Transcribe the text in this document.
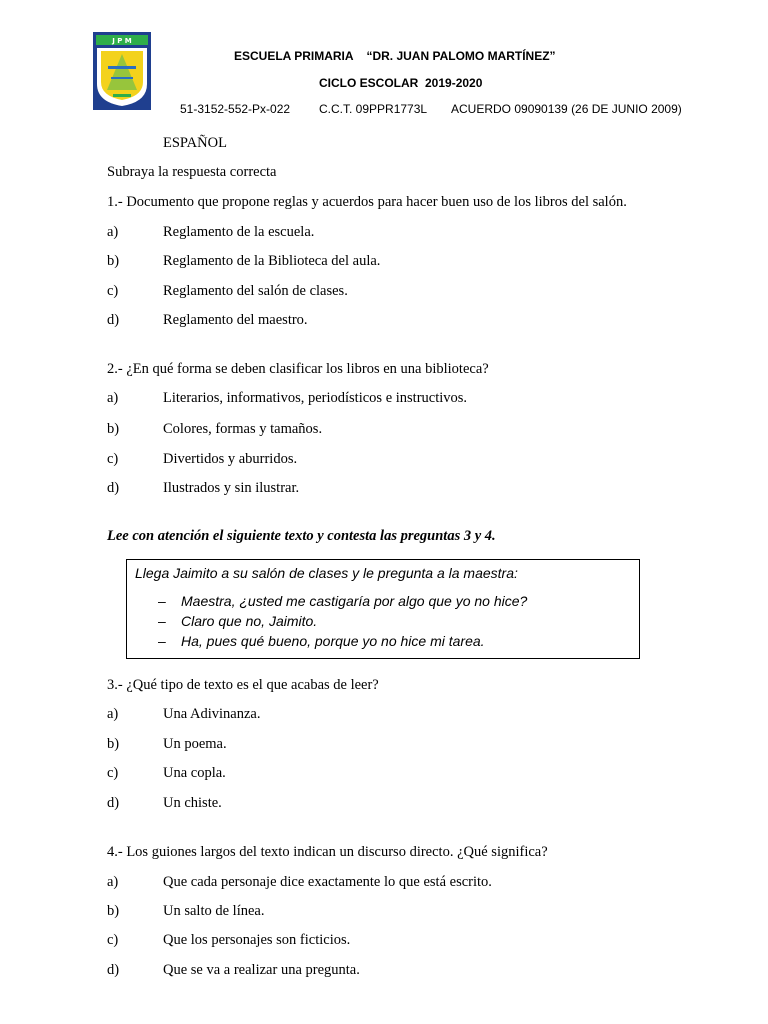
J P M
ESCUELA PRIMARIA    “DR. JUAN PALOMO MARTÍNEZ”
CICLO ESCOLAR  2019-2020
51-3152-552-Px-022 C.C.T. 09PPR1773L ACUERDO 09090139 (26 DE JUNIO 2009)
ESPAÑOL
Subraya la respuesta correcta
1.- Documento que propone reglas y acuerdos para hacer buen uso de los libros del salón.
a)	Reglamento de la escuela.
b)	Reglamento de la Biblioteca del aula.
c)	Reglamento del salón de clases.
d)	Reglamento del maestro.
2.- ¿En qué forma se deben clasificar los libros en una biblioteca?
a)	Literarios, informativos, periodísticos e instructivos.
b)	Colores, formas y tamaños.
c)	Divertidos y aburridos.
d)	Ilustrados y sin ilustrar.
Lee con atención el siguiente texto y contesta las preguntas 3 y 4.
Llega Jaimito a su salón de clases y le pregunta a la maestra:
– Maestra, ¿usted me castigaría por algo que yo no hice?
– Claro que no, Jaimito.
– Ha, pues qué bueno, porque yo no hice mi tarea.
3.- ¿Qué tipo de texto es el que acabas de leer?
a)	Una Adivinanza.
b)	Un poema.
c)	Una copla.
d)	Un chiste.
4.- Los guiones largos del texto indican un discurso directo. ¿Qué significa?
a)	Que cada personaje dice exactamente lo que está escrito.
b)	Un salto de línea.
c)	Que los personajes son ficticios.
d)	Que se va a realizar una pregunta.
